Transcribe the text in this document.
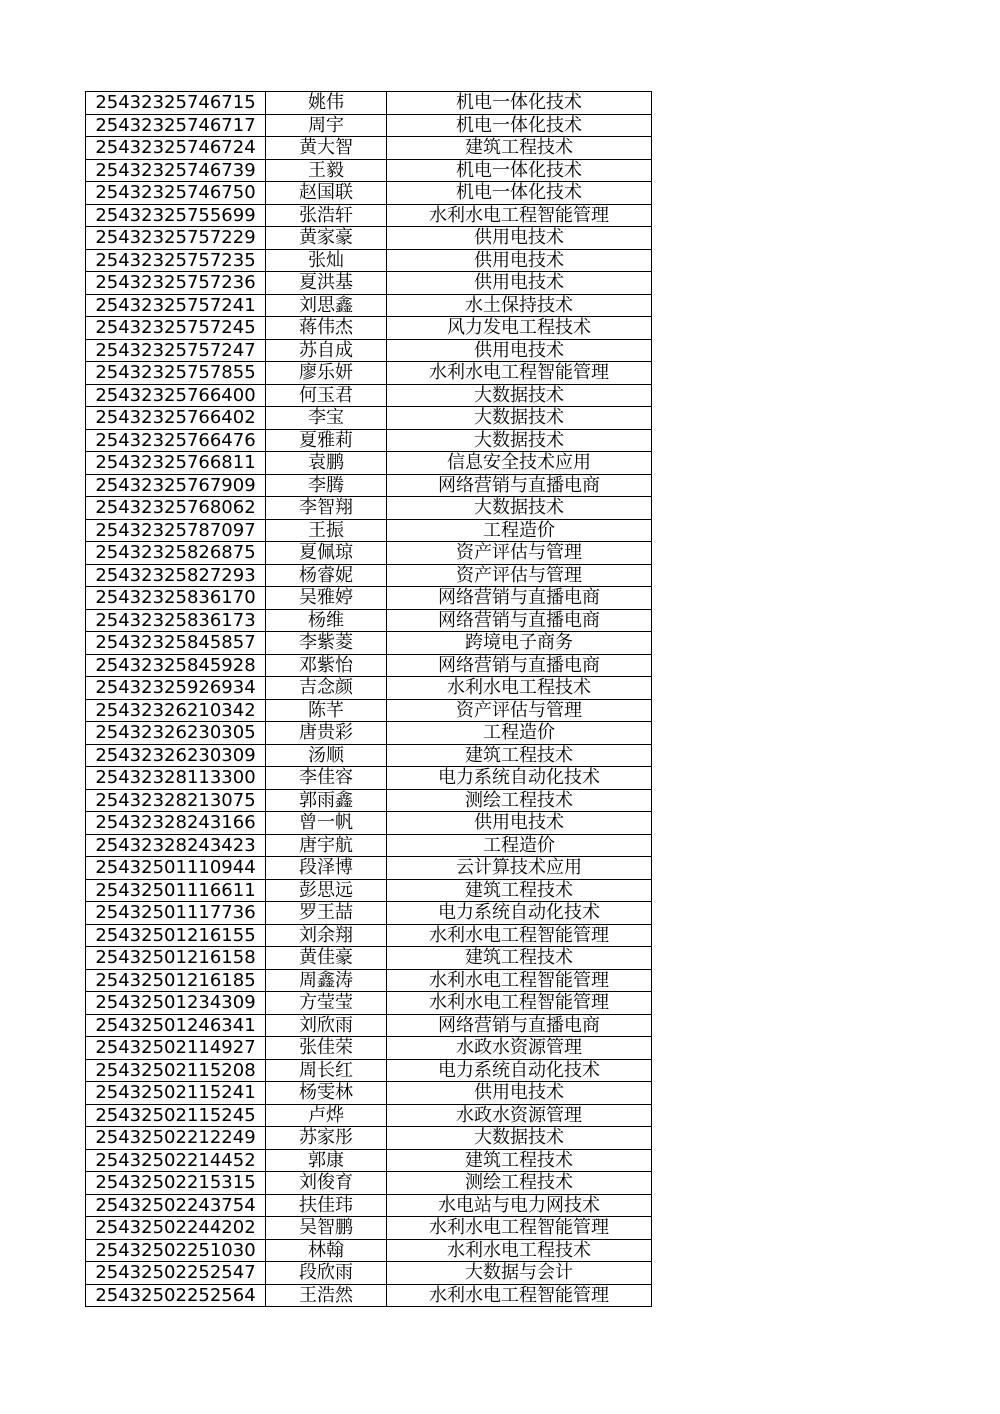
25432325746715	姚伟	机电一体化技术
25432325746717	周宇	机电一体化技术
25432325746724	黄大智	建筑工程技术
25432325746739	王毅	机电一体化技术
25432325746750	赵国联	机电一体化技术
25432325755699	张浩轩	水利水电工程智能管理
25432325757229	黄家豪	供用电技术
25432325757235	张灿	供用电技术
25432325757236	夏洪基	供用电技术
25432325757241	刘思鑫	水土保持技术
25432325757245	蒋伟杰	风力发电工程技术
25432325757247	苏自成	供用电技术
25432325757855	廖乐妍	水利水电工程智能管理
25432325766400	何玉君	大数据技术
25432325766402	李宝	大数据技术
25432325766476	夏雅莉	大数据技术
25432325766811	袁鹏	信息安全技术应用
25432325767909	李腾	网络营销与直播电商
25432325768062	李智翔	大数据技术
25432325787097	王振	工程造价
25432325826875	夏佩琼	资产评估与管理
25432325827293	杨睿妮	资产评估与管理
25432325836170	吴雅婷	网络营销与直播电商
25432325836173	杨维	网络营销与直播电商
25432325845857	李紫菱	跨境电子商务
25432325845928	邓紫怡	网络营销与直播电商
25432325926934	吉念颜	水利水电工程技术
25432326210342	陈芊	资产评估与管理
25432326230305	唐贵彩	工程造价
25432326230309	汤顺	建筑工程技术
25432328113300	李佳容	电力系统自动化技术
25432328213075	郭雨鑫	测绘工程技术
25432328243166	曾一帆	供用电技术
25432328243423	唐宇航	工程造价
25432501110944	段泽博	云计算技术应用
25432501116611	彭思远	建筑工程技术
25432501117736	罗王喆	电力系统自动化技术
25432501216155	刘余翔	水利水电工程智能管理
25432501216158	黄佳豪	建筑工程技术
25432501216185	周鑫涛	水利水电工程智能管理
25432501234309	方莹莹	水利水电工程智能管理
25432501246341	刘欣雨	网络营销与直播电商
25432502114927	张佳荣	水政水资源管理
25432502115208	周长红	电力系统自动化技术
25432502115241	杨雯林	供用电技术
25432502115245	卢烨	水政水资源管理
25432502212249	苏家彤	大数据技术
25432502214452	郭康	建筑工程技术
25432502215315	刘俊育	测绘工程技术
25432502243754	扶佳玮	水电站与电力网技术
25432502244202	吴智鹏	水利水电工程智能管理
25432502251030	林翰	水利水电工程技术
25432502252547	段欣雨	大数据与会计
25432502252564	王浩然	水利水电工程智能管理
